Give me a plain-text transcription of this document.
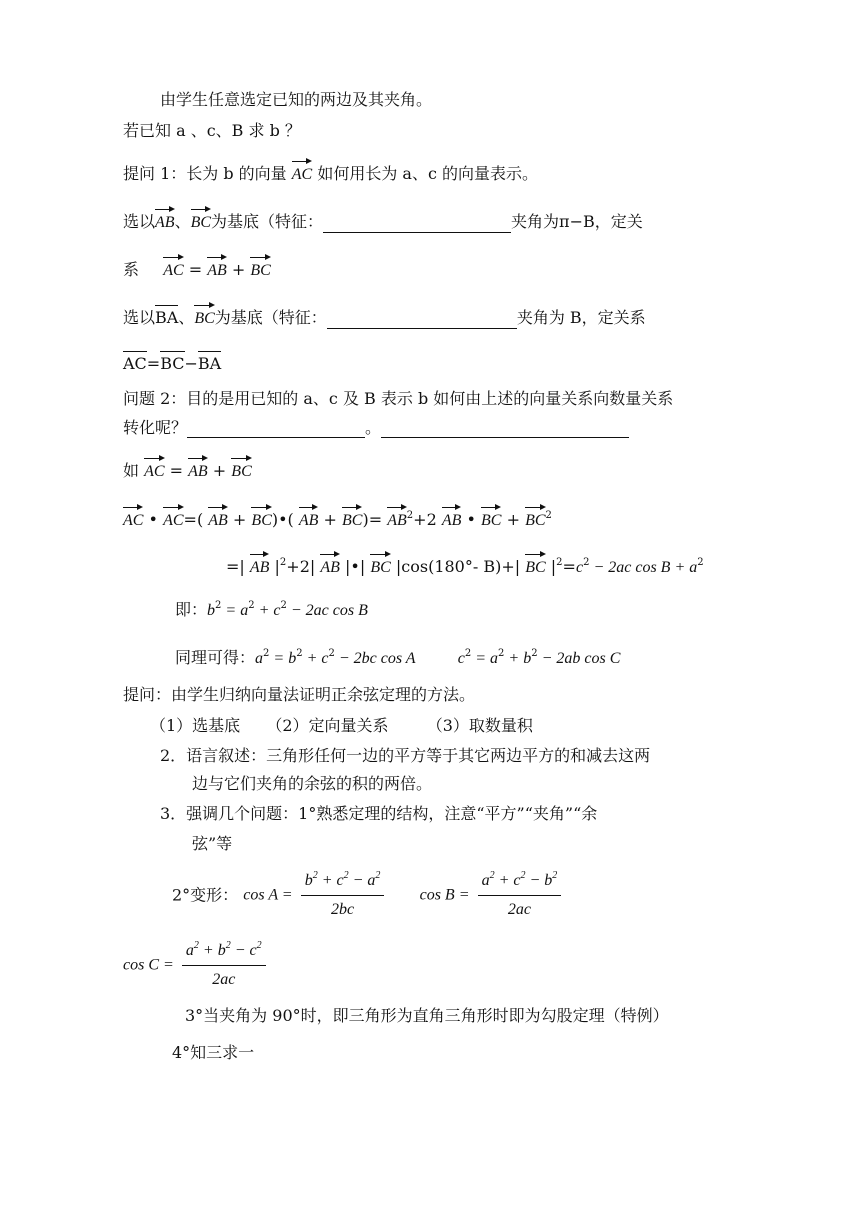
由学生任意选定已知的两边及其夹角。
若已知 a 、c、B 求 b ？
提问 1：长为 b 的向量 AC 如何用长为 a、c 的向量表示。
选以AB、BC为基底（特征：	夹角为π−B，定关
系 AC = AB + BC
选以BA、BC为基底（特征：	夹角为 B，定关系
AC=BC−BA
问题 2：目的是用已知的 a、c 及 B 表示 b 如何由上述的向量关系向数量关系
转化呢？	。
如 AC = AB + BC
AC • AC=( AB + BC)•( AB + $BC)= AB^2+2$ AB • BC + $BC^2$
=| AB $|^2+2|$ AB |•| BC |cos(180°- B)+| BC $|^2=c^2 - 2ac$ $\cos B + a^2$
即：$b^2 = a^2 + c^2 - 2ac$ cos B
同理可得：$a^2 = b^2 + c^2 - 2bc$ cos A	$c^2 = a^2 + b^2 - 2ab$ cos C
提问：由学生归纳向量法证明正余弦定理的方法。
（1）选基底 （2）定向量关系 （3）取数量积
2．语言叙述：三角形任何一边的平方等于其它两边平方的和减去这两
边与它们夹角的余弦的积的两倍。
3．强调几个问题：1°熟悉定理的结构，注意“平方”“夹角”“余
弦”等
2°变形： $\cos A = \frac{b^2 + c^2 - a^2}{2bc}$ $\cos B = \frac{a^2 + c^2 - b^2}{2ac}$
$\cos C = \frac{a^2 + b^2 - c^2}{2ac}$
3°当夹角为 90°时，即三角形为直角三角形时即为勾股定理（特例）
4°知三求一
